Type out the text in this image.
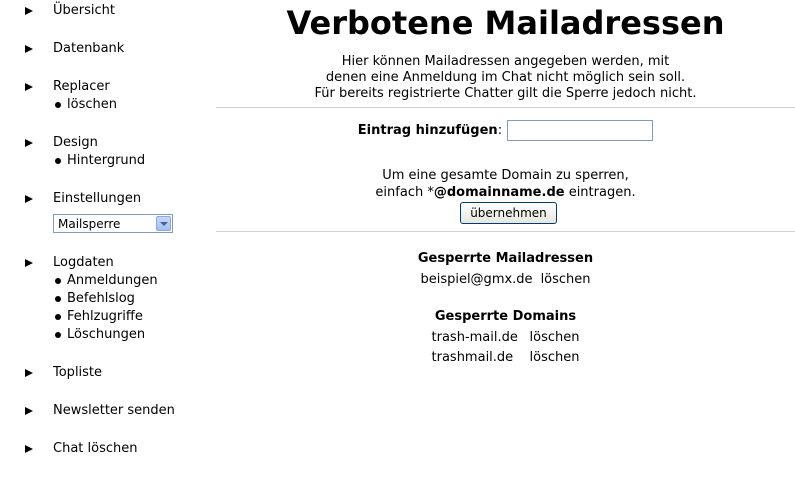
Übersicht
Datenbank
Replacer
löschen
Design
Hintergrund
Einstellungen
Mailsperre
Logdaten
Anmeldungen
Befehlslog
Fehlzugriffe
Löschungen
Topliste
Newsletter senden
Chat löschen
Verbotene Mailadressen
Hier können Mailadressen angegeben werden, mit
denen eine Anmeldung im Chat nicht möglich sein soll.
Für bereits registrierte Chatter gilt die Sperre jedoch nicht.
Eintrag hinzufügen:
Um eine gesamte Domain zu sperren,
einfach *@domainname.de eintragen.
übernehmen
Gesperrte Mailadressen
beispiel@gmx.de löschen
Gesperrte Domains
trash-mail.de löschen
trashmail.de löschen
